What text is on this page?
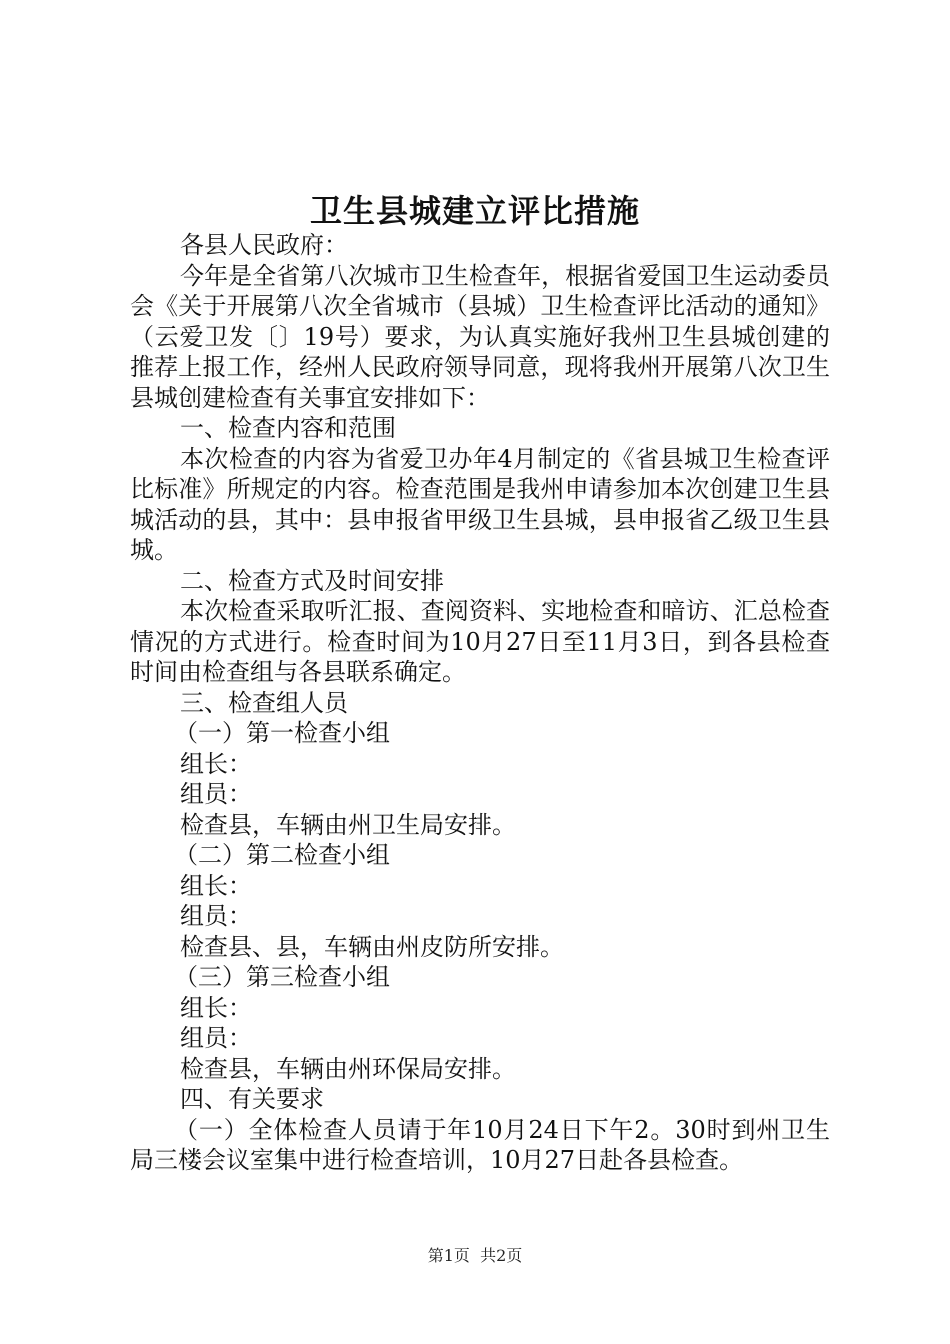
卫生县城建立评比措施

各县人民政府：

今年是全省第八次城市卫生检查年，根据省爱国卫生运动委员会《关于开展第八次全省城市（县城）卫生检查评比活动的通知》（云爱卫发〔〕19号）要求，为认真实施好我州卫生县城创建的推荐上报工作，经州人民政府领导同意，现将我州开展第八次卫生县城创建检查有关事宜安排如下：

一、检查内容和范围

本次检查的内容为省爱卫办年4月制定的《省县城卫生检查评比标准》所规定的内容。检查范围是我州申请参加本次创建卫生县城活动的县，其中：县申报省甲级卫生县城，县申报省乙级卫生县城。

二、检查方式及时间安排

本次检查采取听汇报、查阅资料、实地检查和暗访、汇总检查情况的方式进行。检查时间为10月27日至11月3日，到各县检查时间由检查组与各县联系确定。

三、检查组人员

（一）第一检查小组

组长：

组员：

检查县，车辆由州卫生局安排。

（二）第二检查小组

组长：

组员：

检查县、县，车辆由州皮防所安排。

（三）第三检查小组

组长：

组员：

检查县，车辆由州环保局安排。

四、有关要求

（一）全体检查人员请于年10月24日下午2。30时到州卫生局三楼会议室集中进行检查培训，10月27日赴各县检查。

第1页  共2页
